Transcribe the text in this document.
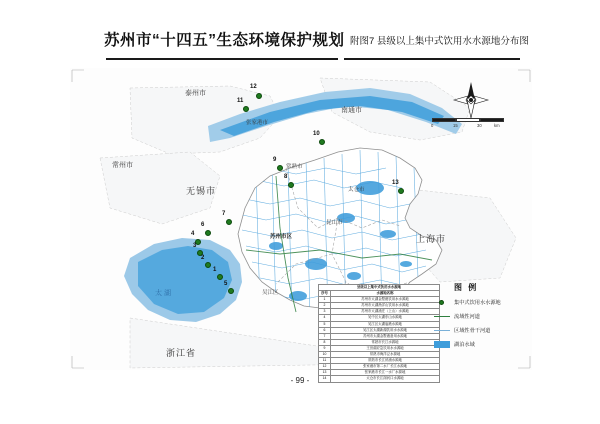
苏州市“十四五”生态环境保护规划 附图7 县级以上集中式饮用水水源地分布图
0	15	30	km
泰州市
南通市
常州市
无锡市
上海市
浙江省
常熟市
张家港市
太仓市
昆山市
吴江区
苏州市区
太 湖
12
11
10
9
8
13
7
6
4
3
2
1
5	县级以上集中式饮用水水源地	
序号	水源地名称
1	苏州市太湖金墅港饮用水水源地
2	苏州市太湖渔洋山饮用水水源地
3	苏州市太湖浦庄（上山）水源地
4	吴中区太湖东山水源地
5	吴江区太湖庙港水源地
6	吴江区太湖新湖饮用水水源地
7	苏州市太湖金墅港备用水源地
8	常熟市长江水源地
9	王田湖应急饮用水水源地
10	常熟市海洋泾水源地
11	常熟市长江浒浦水源地
12	张家港市第二水厂长江水源地
13	张家港市长江一水厂水源地
14	太仓市长江浏河口水源地
图 例
集中式饮用水水源地
流域性河道
区域性骨干河道
湖泊水域
- 99 -
